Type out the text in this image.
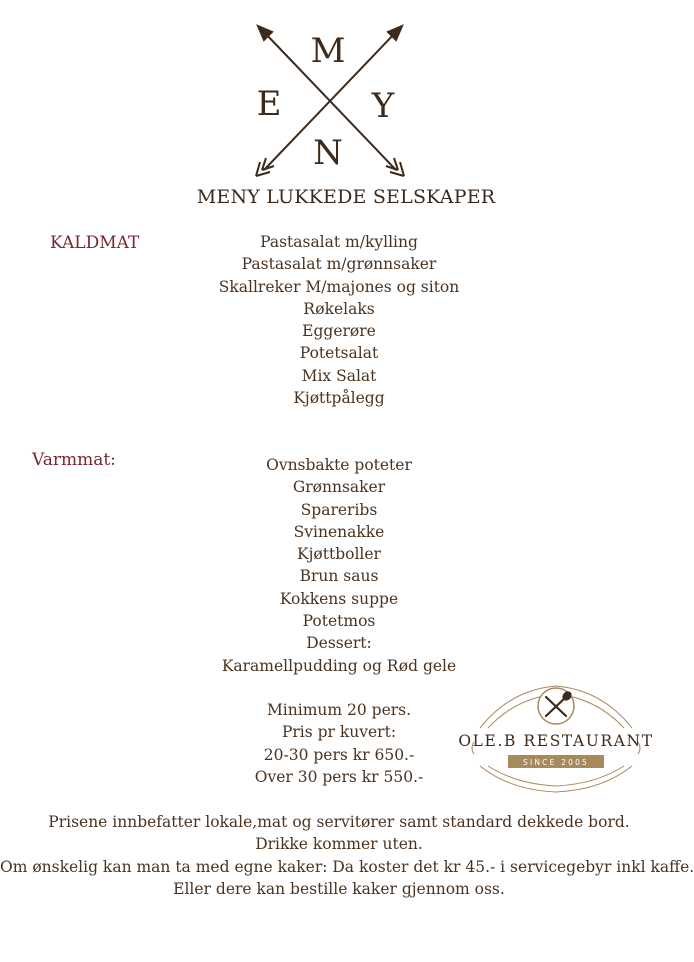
M
E	Y
N
MENY LUKKEDE SELSKAPER
KALDMAT	Pastasalat m/kylling
Pastasalat m/grønnsaker
Skallreker M/majones og siton
Røkelaks
Eggerøre
Potetsalat
Mix Salat
Kjøttpålegg
Varmmat:	Ovnsbakte poteter
Grønnsaker
Spareribs
Svinenakke
Kjøttboller
Brun saus
Kokkens suppe
Potetmos
Dessert:
Karamellpudding og Rød gele
Minimum 20 pers.
Pris pr kuvert:
20-30 pers kr 650.-
Over 30 pers kr 550.-
OLE.B RESTAURANT
SINCE 2005
Prisene innbefatter lokale,mat og servitører samt standard dekkede bord.
Drikke kommer uten.
Om ønskelig kan man ta med egne kaker: Da koster det kr 45.- i servicegebyr inkl kaffe.
Eller dere kan bestille kaker gjennom oss.
